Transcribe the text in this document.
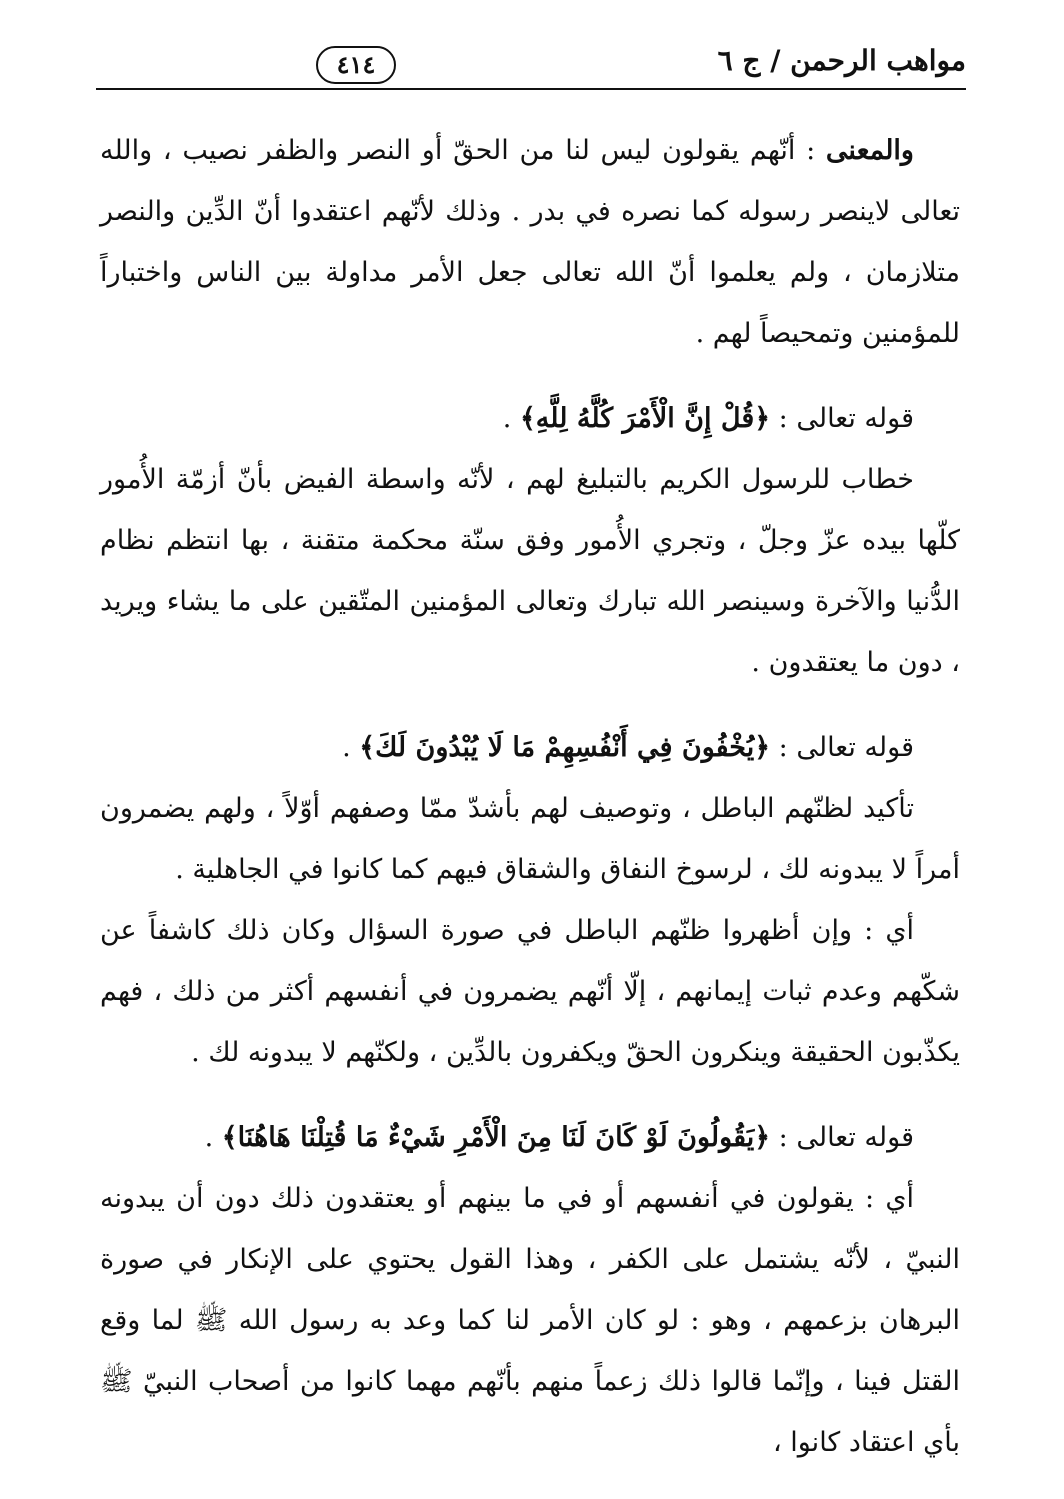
مواهب الرحمن / ج ٦
٤١٤

والمعنى : أنّهم يقولون ليس لنا من الحقّ أو النصر والظفر نصيب ، والله تعالى لاينصر رسوله كما نصره في بدر . وذلك لأنّهم اعتقدوا أنّ الدِّين والنصر متلازمان ، ولم يعلموا أنّ الله تعالى جعل الأمر مداولة بين الناس واختباراً للمؤمنين وتمحيصاً لهم .

قوله تعالى : ﴿قُلْ إِنَّ الْأَمْرَ كُلَّهُ لِلَّهِ﴾ .

خطاب للرسول الكريم بالتبليغ لهم ، لأنّه واسطة الفيض بأنّ أزمّة الأُمور كلّها بيده عزّ وجلّ ، وتجري الأُمور وفق سنّة محكمة متقنة ، بها انتظم نظام الدُّنيا والآخرة وسينصر الله تبارك وتعالى المؤمنين المتّقين على ما يشاء ويريد ، دون ما يعتقدون .

قوله تعالى : ﴿يُخْفُونَ فِي أَنْفُسِهِمْ مَا لَا يُبْدُونَ لَكَ﴾ .

تأكيد لظنّهم الباطل ، وتوصيف لهم بأشدّ ممّا وصفهم أوّلاً ، ولهم يضمرون أمراً لا يبدونه لك ، لرسوخ النفاق والشقاق فيهم كما كانوا في الجاهلية .

أي : وإن أظهروا ظنّهم الباطل في صورة السؤال وكان ذلك كاشفاً عن شكّهم وعدم ثبات إيمانهم ، إلّا أنّهم يضمرون في أنفسهم أكثر من ذلك ، فهم يكذّبون الحقيقة وينكرون الحقّ ويكفرون بالدِّين ، ولكنّهم لا يبدونه لك .

قوله تعالى : ﴿يَقُولُونَ لَوْ كَانَ لَنَا مِنَ الْأَمْرِ شَيْءٌ مَا قُتِلْنَا هَاهُنَا﴾ .

أي : يقولون في أنفسهم أو في ما بينهم أو يعتقدون ذلك دون أن يبدونه النبيّ ، لأنّه يشتمل على الكفر ، وهذا القول يحتوي على الإنكار في صورة البرهان بزعمهم ، وهو : لو كان الأمر لنا كما وعد به رسول الله ﷺ لما وقع القتل فينا ، وإنّما قالوا ذلك زعماً منهم بأنّهم مهما كانوا من أصحاب النبيّ ﷺ بأي اعتقاد كانوا ،
